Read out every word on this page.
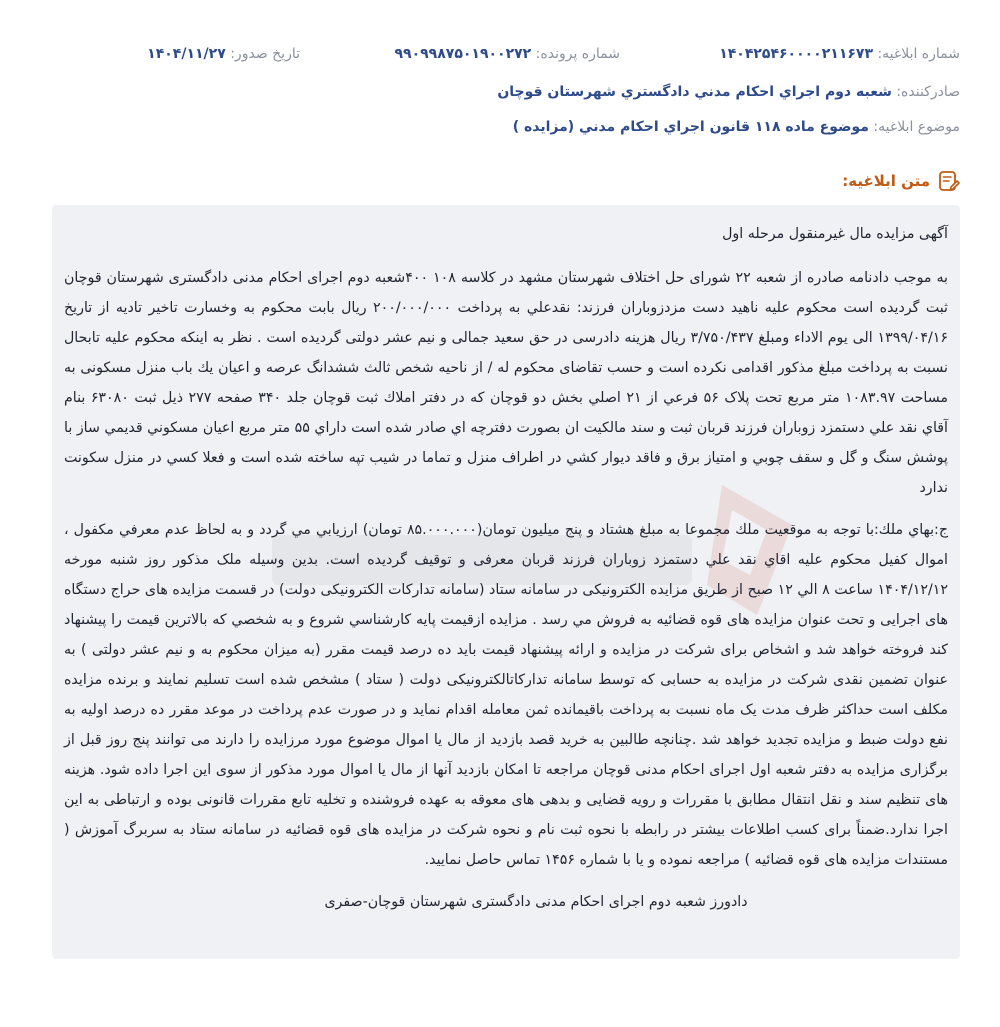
شماره ابلاغیه: ۱۴۰۴۲۵۴۶۰۰۰۰۲۱۱۶۷۳
شماره پرونده: ۹۹۰۹۹۸۷۵۰۱۹۰۰۲۷۲
تاریخ صدور: ۱۴۰۴/۱۱/۲۷
صادرکننده: شعبه دوم اجراي احكام مدني دادگستري شهرستان قوچان
موضوع ابلاغیه: موضوع ماده ۱۱۸ قانون اجراي احكام مدني (مزايده )
متن ابلاغیه:

آگهی مزایده مال غیرمنقول مرحله اول

به موجب دادنامه صادره از شعبه ۲۲ شورای حل اختلاف شهرستان مشهد در کلاسه ۱۰۸ ۴۰۰شعبه دوم اجرای احکام مدنی دادگستری شهرستان قوچان ثبت گردیده است محکوم علیه ناهید دست مزدزوباران فرزند: نقدعلي به پرداخت ۲۰۰/۰۰۰/۰۰۰ ریال بابت محکوم به وخسارت تاخیر تادیه از تاریخ ۱۳۹۹/۰۴/۱۶ الی یوم الاداء ومبلغ ۳/۷۵۰/۴۳۷ ریال هزینه دادرسی در حق سعید جمالی و نیم عشر دولتی گردیده است . نظر به اینکه محکوم علیه تابحال نسبت به پرداخت مبلغ مذکور اقدامی نکرده است و حسب تقاضای محکوم له / از ناحیه شخص ثالث ششدانگ عرصه و اعیان یك باب منزل مسکونی به مساحت ۱۰۸۳.۹۷ متر مربع تحت پلاک ۵۶ فرعي از ۲۱ اصلي بخش دو قوچان كه در دفتر املاك ثبت قوچان جلد ۳۴۰ صفحه ۲۷۷ ذيل ثبت ۶۳۰۸۰ بنام آقاي نقد علي دستمزد زوباران فرزند قربان ثبت و سند مالكيت ان بصورت دفترچه اي صادر شده است داراي ۵۵ متر مربع اعيان مسكوني قديمي ساز با پوشش سنگ و گل و سقف چوبي و امتياز برق و فاقد ديوار كشي در اطراف منزل و تماما در شيب تپه ساخته شده است و فعلا كسي در منزل سكونت ندارد

ج:بهاي ملك:با توجه به موقعيت ملك مجموعا به مبلغ هشتاد و پنج ميليون تومان(۸۵.۰۰۰.۰۰۰ تومان) ارزيابي مي گردد و به لحاظ عدم معرفي مكفول ، اموال كفيل محکوم علیه اقاي نقد علي دستمزد زوباران فرزند قربان معرفی و توقیف گردیده است. بدين وسيله ملک مذکور روز شنبه مورخه ۱۴۰۴/۱۲/۱۲ ساعت ۸ الي ۱۲ صبح از طریق مزایده الکترونیکی در سامانه ستاد (سامانه تدارکات الکترونیکی دولت) در قسمت مزایده های حراج دستگاه های اجرایی و تحت عنوان مزایده های قوه قضائیه به فروش مي رسد . مزايده ازقيمت پايه كارشناسي شروع و به شخصي كه بالاترين قيمت را پيشنهاد كند فروخته خواهد شد و اشخاص برای شرکت در مزایده و ارائه پیشنهاد قیمت باید ده درصد قیمت مقرر (به میزان محکوم به و نیم عشر دولتی ) به عنوان تضمین نقدی شرکت در مزایده به حسابی که توسط سامانه تدارکاتالکترونیکی دولت ( ستاد ) مشخص شده است تسلیم نمایند و برنده مزایده مکلف است حداکثر ظرف مدت یک ماه نسبت به پرداخت باقیمانده ثمن معامله اقدام نماید و در صورت عدم پرداخت در موعد مقرر ده درصد اولیه به نفع دولت ضبط و مزایده تجدید خواهد شد .چنانچه طالبین به خرید قصد بازدید از مال یا اموال موضوع مورد مرزایده را دارند می توانند پنج روز قبل از برگزاری مزایده به دفتر شعبه اول اجرای احکام مدنی قوچان مراجعه تا امکان بازدید آنها از مال یا اموال مورد مذکور از سوی این اجرا داده شود. هزینه های تنظیم سند و نقل انتقال مطابق با مقررات و رویه قضایی و بدهی های معوقه به عهده فروشنده و تخلیه تابع مقررات قانونی بوده و ارتباطی به این اجرا ندارد.ضمناً برای کسب اطلاعات بیشتر در رابطه با نحوه ثبت نام و نحوه شرکت در مزایده های قوه قضائیه در سامانه ستاد به سربرگ آموزش ( مستندات مزایده های قوه قضائیه ) مراجعه نموده و یا با شماره ۱۴۵۶ تماس حاصل نمایید.

دادورز شعبه دوم اجرای احکام مدنی دادگستری شهرستان قوچان-صفری
